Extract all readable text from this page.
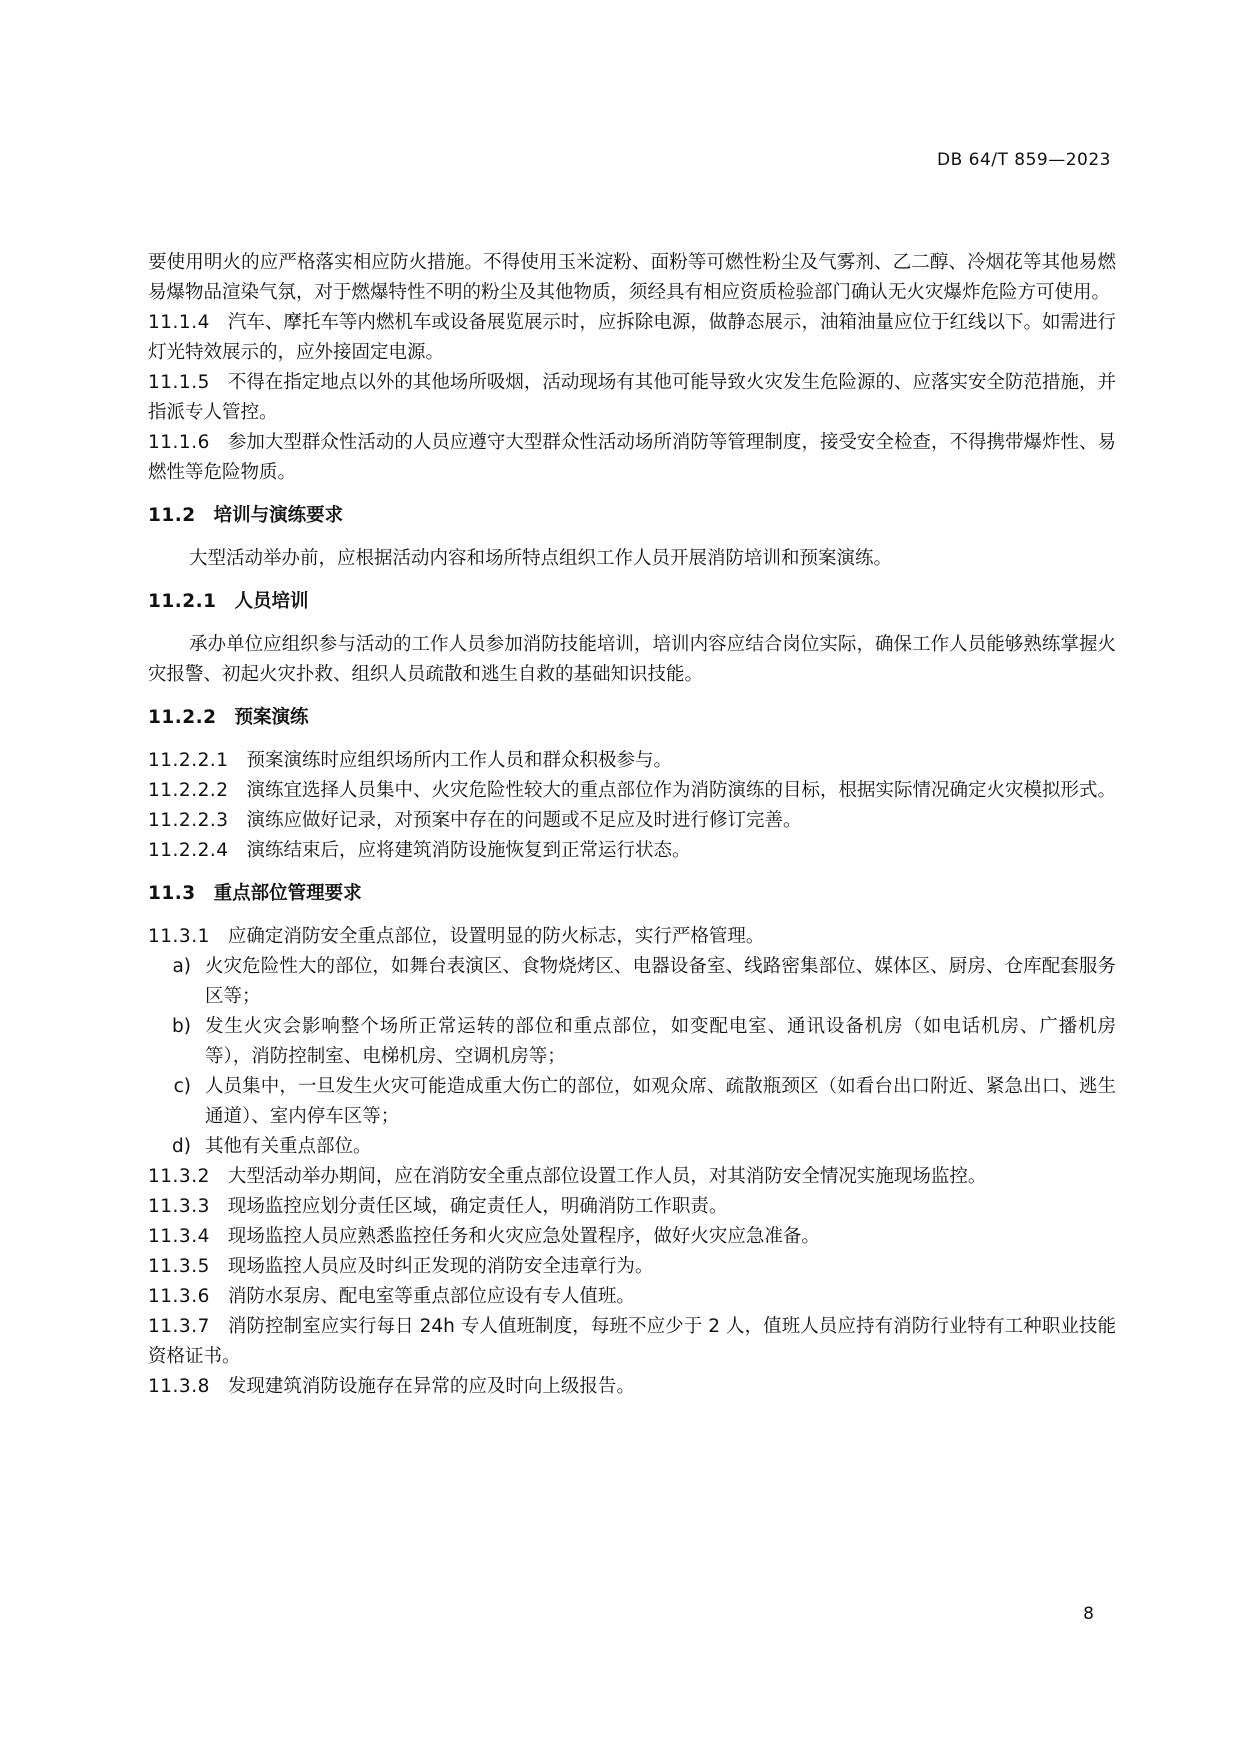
DB 64/T 859—2023

要使用明火的应严格落实相应防火措施。不得使用玉米淀粉、面粉等可燃性粉尘及气雾剂、乙二醇、冷烟花等其他易燃易爆物品渲染气氛，对于燃爆特性不明的粉尘及其他物质，须经具有相应资质检验部门确认无火灾爆炸危险方可使用。

11.1.4 汽车、摩托车等内燃机车或设备展览展示时，应拆除电源，做静态展示，油箱油量应位于红线以下。如需进行灯光特效展示的，应外接固定电源。

11.1.5 不得在指定地点以外的其他场所吸烟，活动现场有其他可能导致火灾发生危险源的、应落实安全防范措施，并指派专人管控。

11.1.6 参加大型群众性活动的人员应遵守大型群众性活动场所消防等管理制度，接受安全检查，不得携带爆炸性、易燃性等危险物质。

11.2 培训与演练要求

大型活动举办前，应根据活动内容和场所特点组织工作人员开展消防培训和预案演练。

11.2.1 人员培训

承办单位应组织参与活动的工作人员参加消防技能培训，培训内容应结合岗位实际，确保工作人员能够熟练掌握火灾报警、初起火灾扑救、组织人员疏散和逃生自救的基础知识技能。

11.2.2 预案演练

11.2.2.1 预案演练时应组织场所内工作人员和群众积极参与。

11.2.2.2 演练宜选择人员集中、火灾危险性较大的重点部位作为消防演练的目标，根据实际情况确定火灾模拟形式。

11.2.2.3 演练应做好记录，对预案中存在的问题或不足应及时进行修订完善。

11.2.2.4 演练结束后，应将建筑消防设施恢复到正常运行状态。

11.3 重点部位管理要求

11.3.1 应确定消防安全重点部位，设置明显的防火标志，实行严格管理。

a) 火灾危险性大的部位，如舞台表演区、食物烧烤区、电器设备室、线路密集部位、媒体区、厨房、仓库配套服务区等；

b) 发生火灾会影响整个场所正常运转的部位和重点部位，如变配电室、通讯设备机房（如电话机房、广播机房等），消防控制室、电梯机房、空调机房等；

c) 人员集中，一旦发生火灾可能造成重大伤亡的部位，如观众席、疏散瓶颈区（如看台出口附近、紧急出口、逃生通道）、室内停车区等；

d) 其他有关重点部位。

11.3.2 大型活动举办期间，应在消防安全重点部位设置工作人员，对其消防安全情况实施现场监控。

11.3.3 现场监控应划分责任区域，确定责任人，明确消防工作职责。

11.3.4 现场监控人员应熟悉监控任务和火灾应急处置程序，做好火灾应急准备。

11.3.5 现场监控人员应及时纠正发现的消防安全违章行为。

11.3.6 消防水泵房、配电室等重点部位应设有专人值班。

11.3.7 消防控制室应实行每日 24h 专人值班制度，每班不应少于 2 人，值班人员应持有消防行业特有工种职业技能资格证书。

11.3.8 发现建筑消防设施存在异常的应及时向上级报告。

8
